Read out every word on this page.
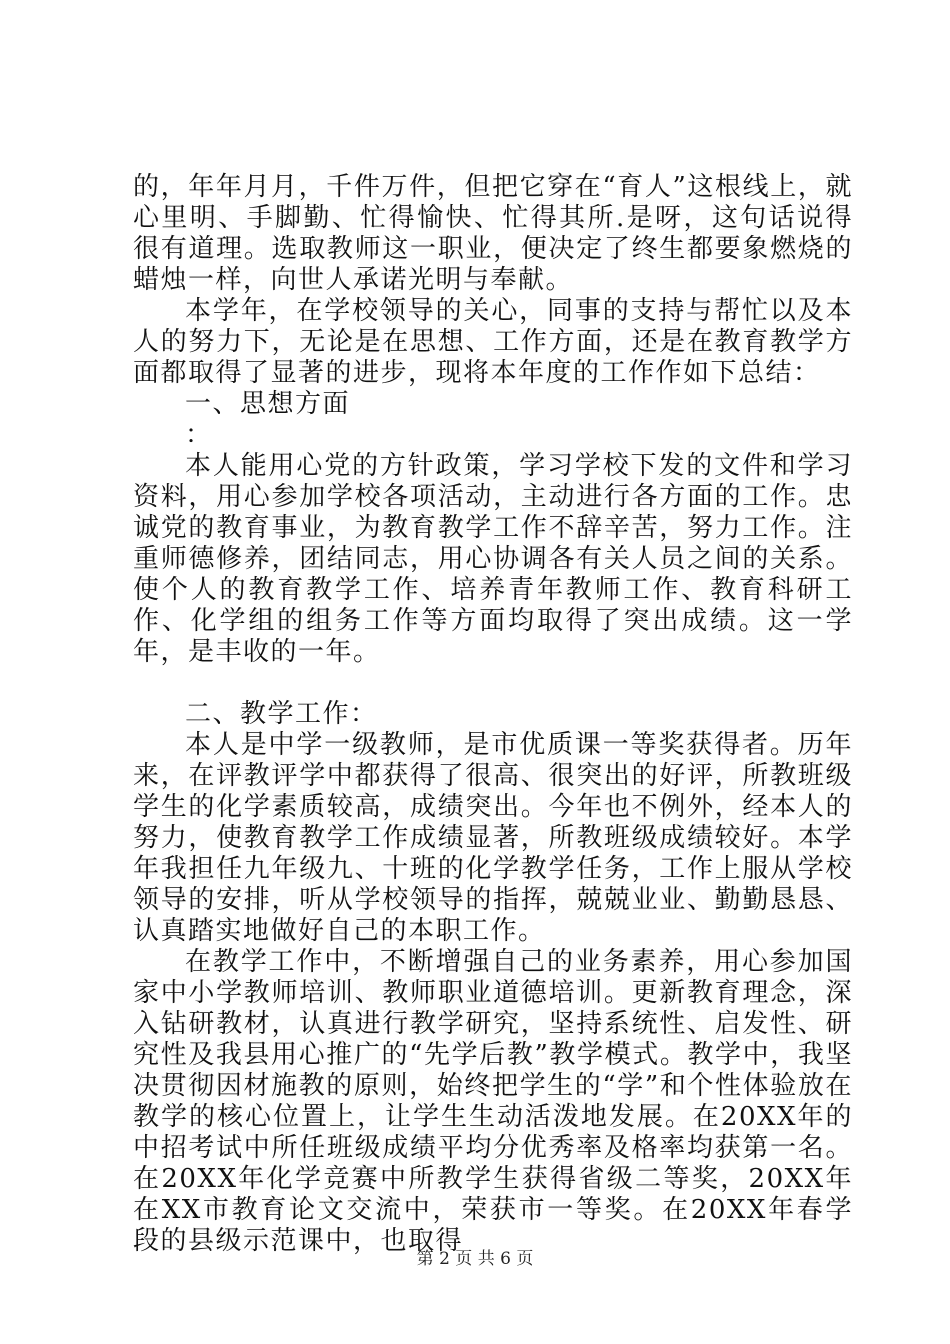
的，年年月月，千件万件，但把它穿在“育人”这根线上，就心里明、手脚勤、忙得愉快、忙得其所.是呀，这句话说得很有道理。选取教师这一职业，便决定了终生都要象燃烧的蜡烛一样，向世人承诺光明与奉献。

本学年，在学校领导的关心，同事的支持与帮忙以及本人的努力下，无论是在思想、工作方面，还是在教育教学方面都取得了显著的进步，现将本年度的工作作如下总结：

一、思想方面

：

本人能用心党的方针政策，学习学校下发的文件和学习资料，用心参加学校各项活动，主动进行各方面的工作。忠诚党的教育事业，为教育教学工作不辞辛苦，努力工作。注重师德修养，团结同志，用心协调各有关人员之间的关系。使个人的教育教学工作、培养青年教师工作、教育科研工作、化学组的组务工作等方面均取得了突出成绩。这一学年，是丰收的一年。

二、教学工作：

本人是中学一级教师，是市优质课一等奖获得者。历年来，在评教评学中都获得了很高、很突出的好评，所教班级学生的化学素质较高，成绩突出。今年也不例外，经本人的努力，使教育教学工作成绩显著，所教班级成绩较好。本学年我担任九年级九、十班的化学教学任务，工作上服从学校领导的安排，听从学校领导的指挥，兢兢业业、勤勤恳恳、认真踏实地做好自己的本职工作。

在教学工作中，不断增强自己的业务素养，用心参加国家中小学教师培训、教师职业道德培训。更新教育理念，深入钻研教材，认真进行教学研究，坚持系统性、启发性、研究性及我县用心推广的“先学后教”教学模式。教学中，我坚决贯彻因材施教的原则，始终把学生的“学”和个性体验放在教学的核心位置上，让学生生动活泼地发展。在20XX年的中招考试中所任班级成绩平均分优秀率及格率均获第一名。在20XX年化学竞赛中所教学生获得省级二等奖，20XX年在XX市教育论文交流中，荣获市一等奖。在20XX年春学段的县级示范课中，也取得

第 2 页 共 6 页
